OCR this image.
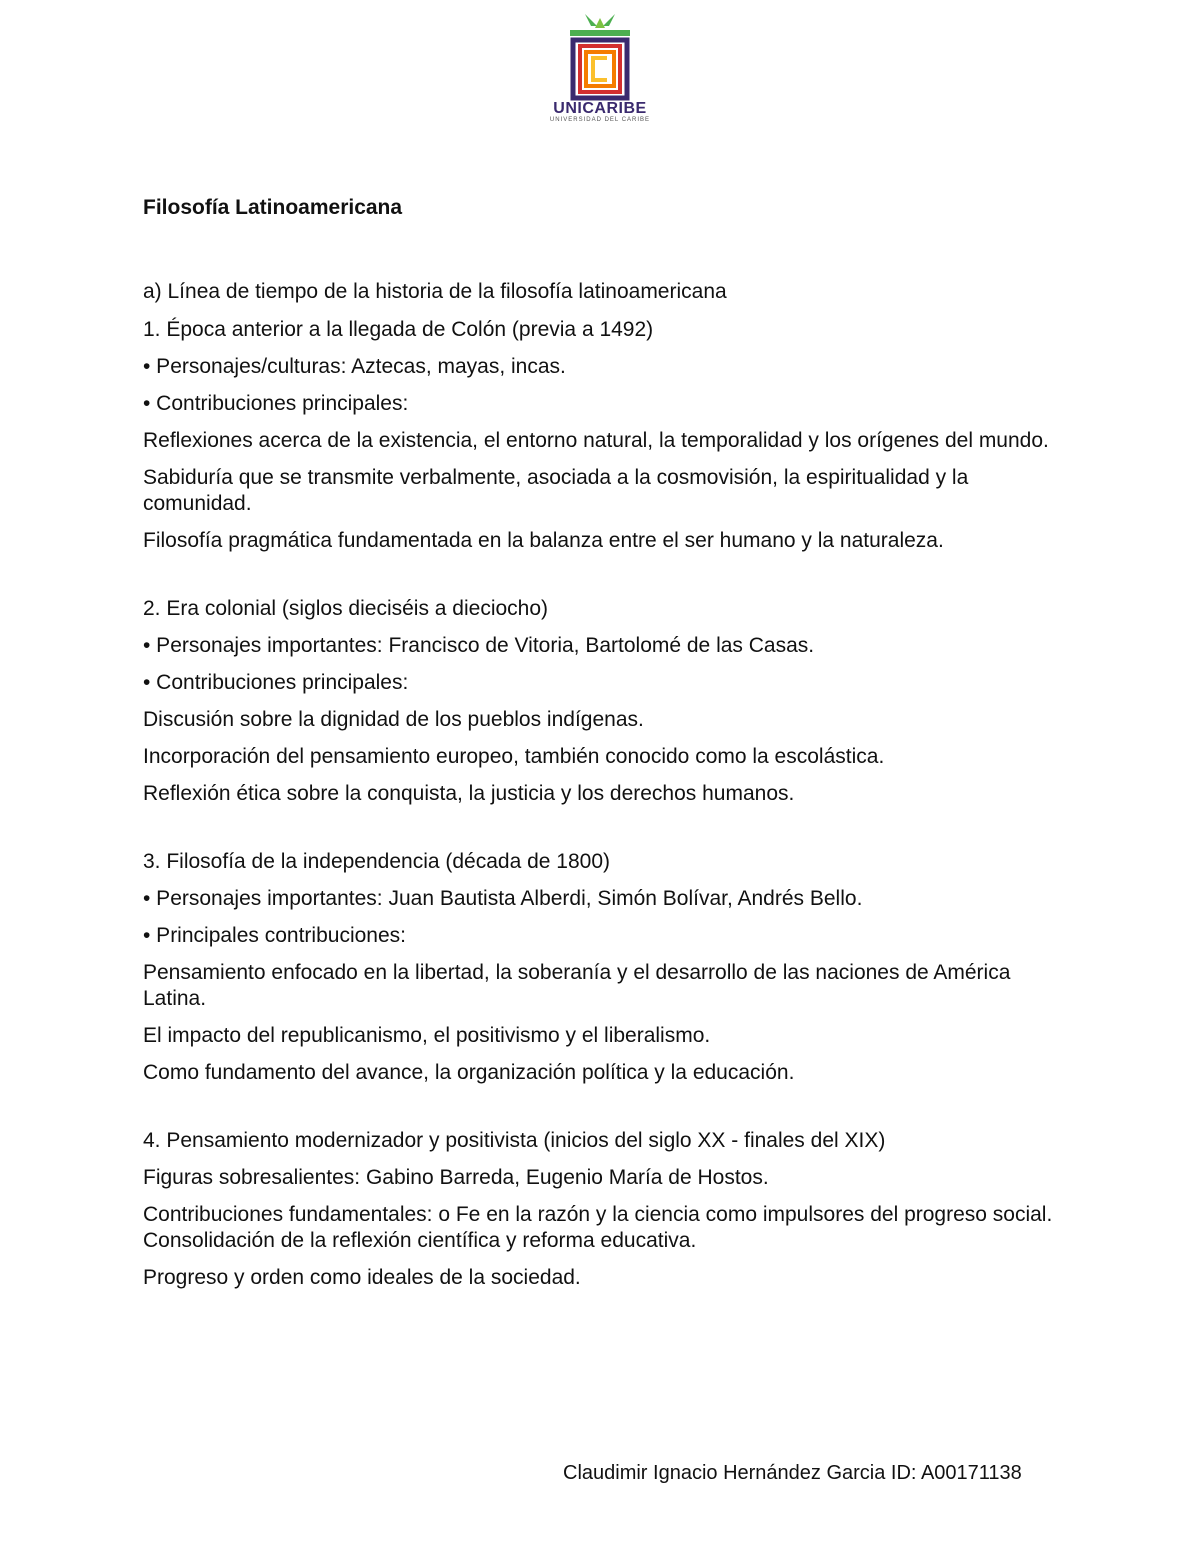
UNICARIBE
UNIVERSIDAD DEL CARIBE

Filosofía Latinoamericana

a) Línea de tiempo de la historia de la filosofía latinoamericana

1. Época anterior a la llegada de Colón (previa a 1492)

• Personajes/culturas: Aztecas, mayas, incas.

• Contribuciones principales:

Reflexiones acerca de la existencia, el entorno natural, la temporalidad y los orígenes del mundo.

Sabiduría que se transmite verbalmente, asociada a la cosmovisión, la espiritualidad y la comunidad.

Filosofía pragmática fundamentada en la balanza entre el ser humano y la naturaleza.

2. Era colonial (siglos dieciséis a dieciocho)

• Personajes importantes: Francisco de Vitoria, Bartolomé de las Casas.

• Contribuciones principales:

Discusión sobre la dignidad de los pueblos indígenas.

Incorporación del pensamiento europeo, también conocido como la escolástica.

Reflexión ética sobre la conquista, la justicia y los derechos humanos.

3. Filosofía de la independencia (década de 1800)

• Personajes importantes: Juan Bautista Alberdi, Simón Bolívar, Andrés Bello.

• Principales contribuciones:

Pensamiento enfocado en la libertad, la soberanía y el desarrollo de las naciones de América Latina.

El impacto del republicanismo, el positivismo y el liberalismo.

Como fundamento del avance, la organización política y la educación.

4. Pensamiento modernizador y positivista (inicios del siglo XX - finales del XIX)

Figuras sobresalientes: Gabino Barreda, Eugenio María de Hostos.

Contribuciones fundamentales: o Fe en la razón y la ciencia como impulsores del progreso social. Consolidación de la reflexión científica y reforma educativa.

Progreso y orden como ideales de la sociedad.

Claudimir Ignacio Hernández Garcia ID: A00171138
